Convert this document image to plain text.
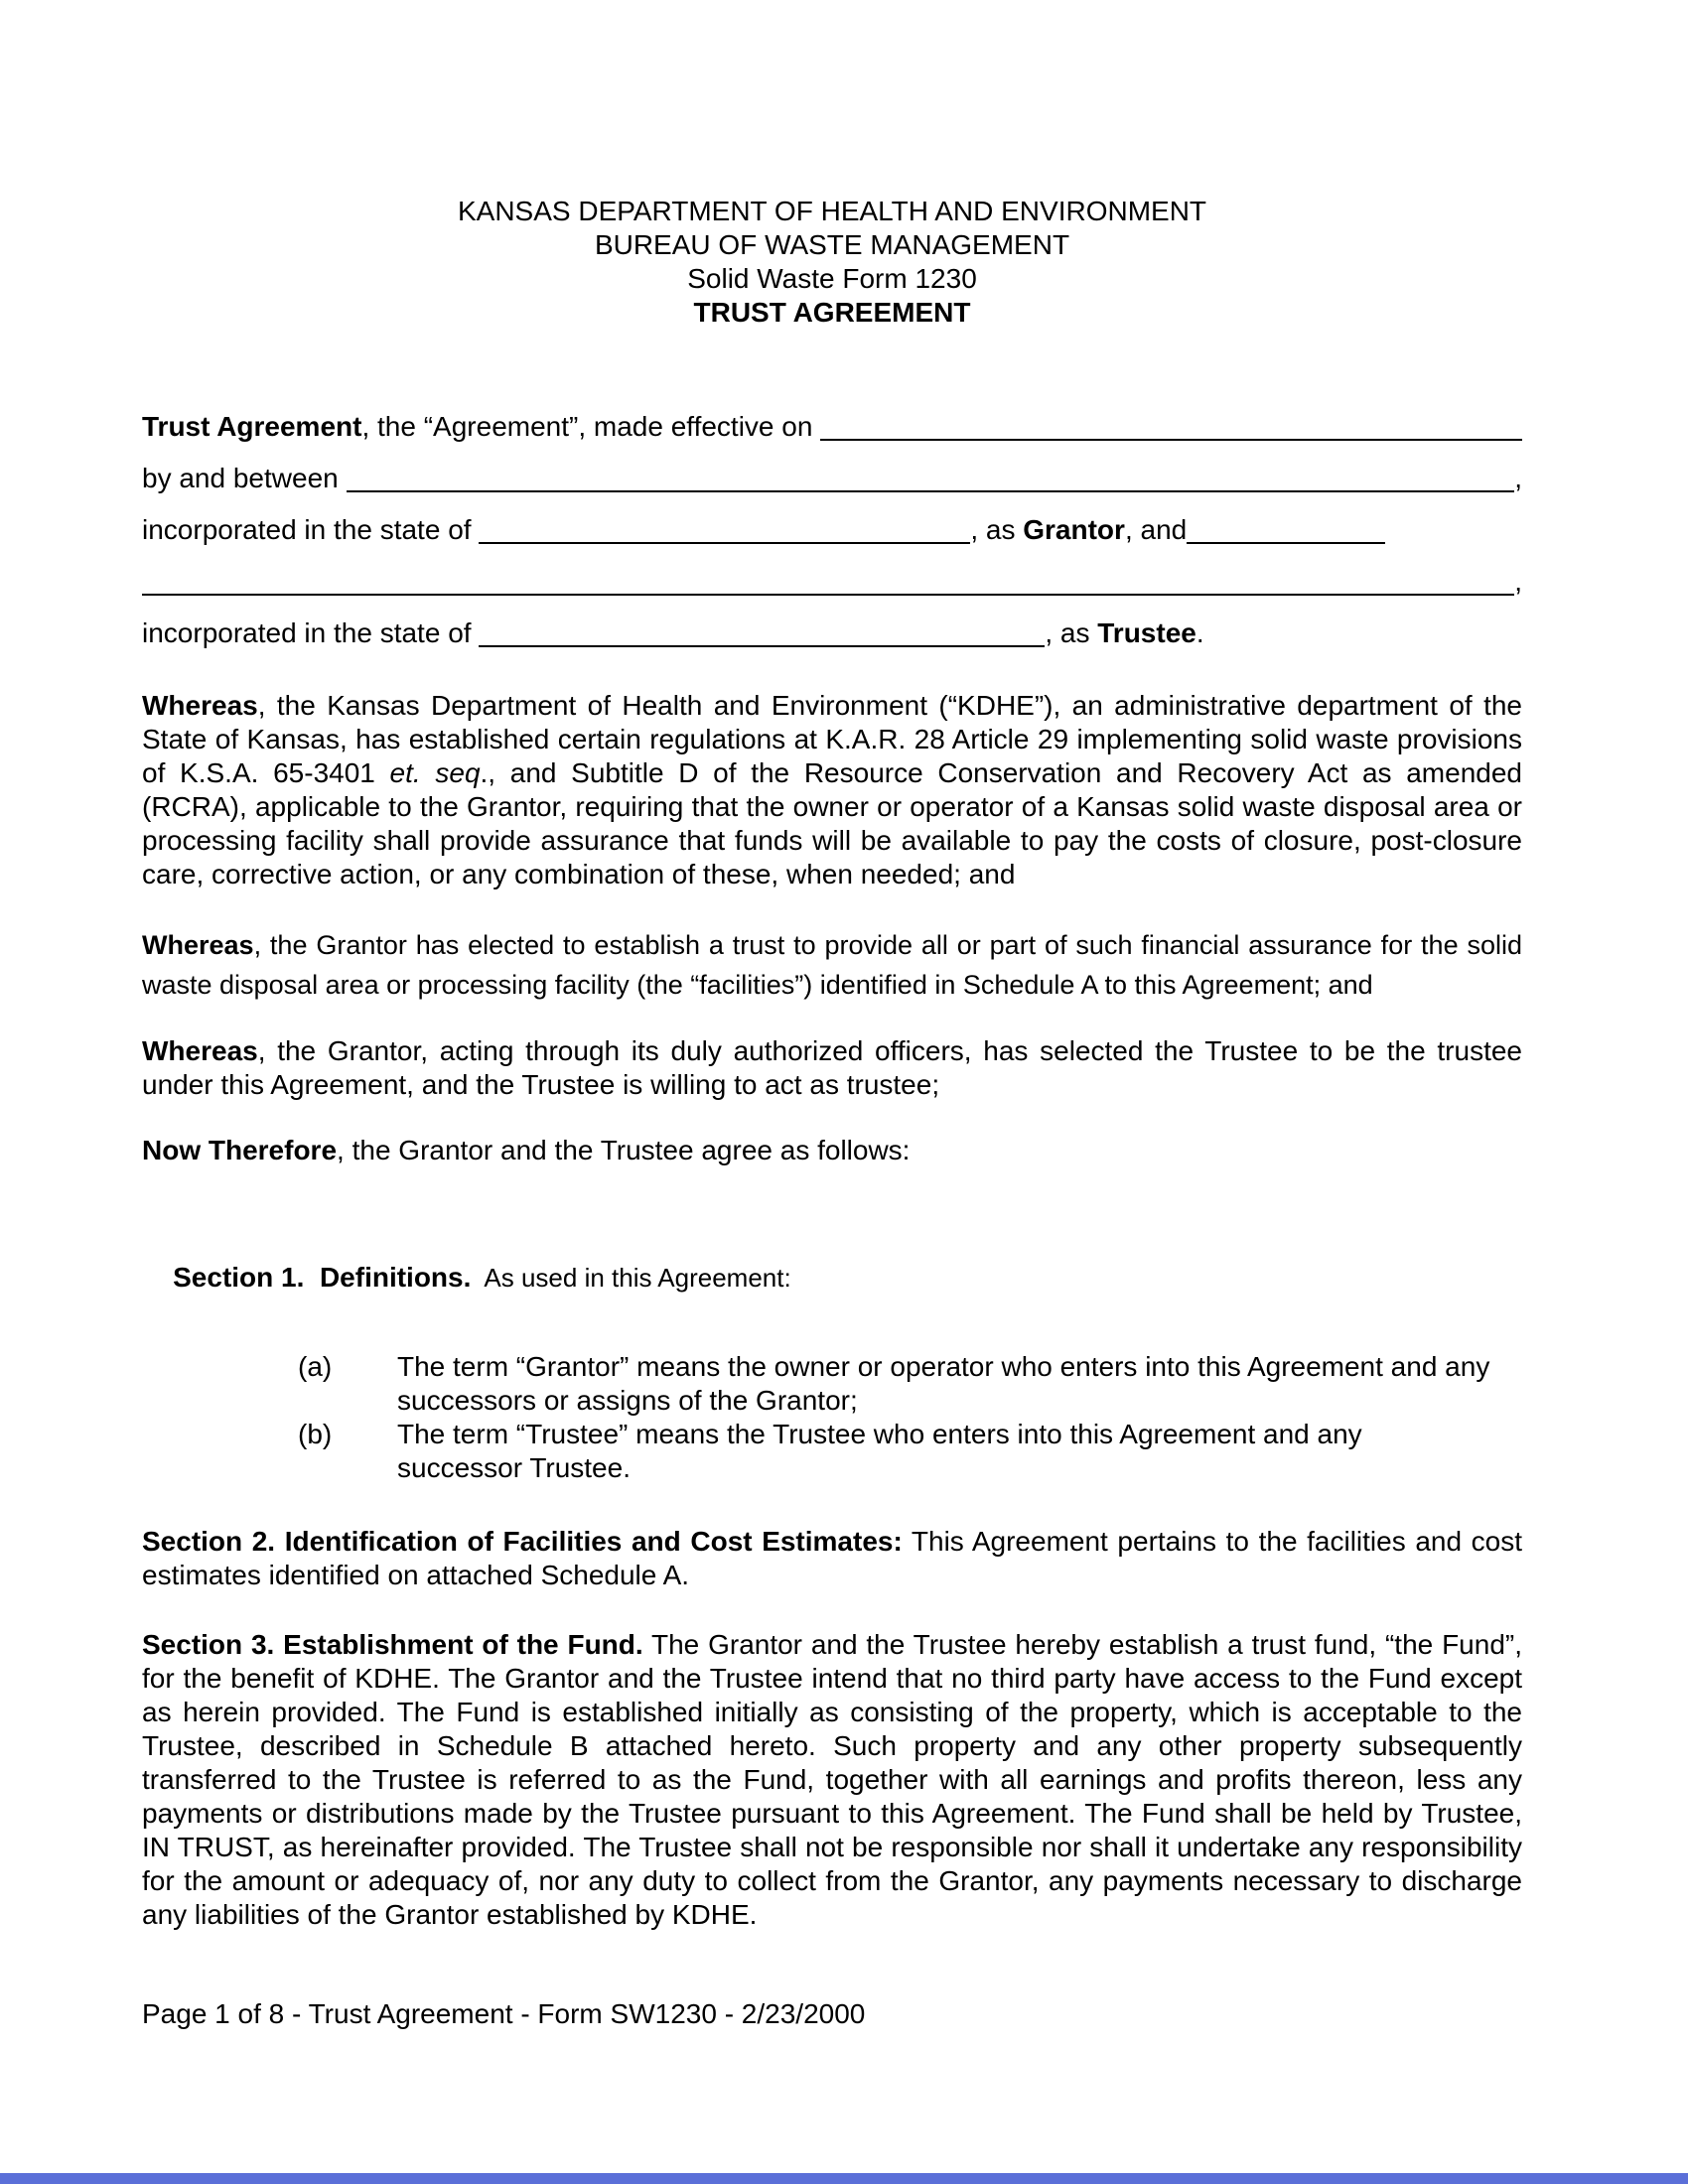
KANSAS DEPARTMENT OF HEALTH AND ENVIRONMENT
BUREAU OF WASTE MANAGEMENT
Solid Waste Form 1230
TRUST AGREEMENT
Trust Agreement , the “Agreement”, made effective on
by and between	,
incorporated in the state of	, as Grantor , and
,
incorporated in the state of	, as Trustee .

Whereas, the Kansas Department of Health and Environment (“KDHE”), an administrative department of the State of Kansas, has established certain regulations at K.A.R. 28 Article 29 implementing solid waste provisions of K.S.A. 65-3401 et. seq., and Subtitle D of the Resource Conservation and Recovery Act as amended (RCRA), applicable to the Grantor, requiring that the owner or operator of a Kansas solid waste disposal area or processing facility shall provide assurance that funds will be available to pay the costs of closure, post-closure care, corrective action, or any combination of these, when needed; and

Whereas, the Grantor has elected to establish a trust to provide all or part of such financial assurance for the solid waste disposal area or processing facility (the “facilities”) identified in Schedule A to this Agreement; and

Whereas, the Grantor, acting through its duly authorized officers, has selected the Trustee to be the trustee under this Agreement, and the Trustee is willing to act as trustee;

Now Therefore, the Grantor and the Trustee agree as follows:

Section 1.  Definitions.  As used in this Agreement:

(a)	The term “Grantor” means the owner or operator who enters into this Agreement and any
successors or assigns of the Grantor;
(b)	The term “Trustee” means the Trustee who enters into this Agreement and any
successor Trustee.

Section 2. Identification of Facilities and Cost Estimates: This Agreement pertains to the facilities and cost estimates identified on attached Schedule A.

Section 3. Establishment of the Fund. The Grantor and the Trustee hereby establish a trust fund, “the Fund”, for the benefit of KDHE. The Grantor and the Trustee intend that no third party have access to the Fund except as herein provided. The Fund is established initially as consisting of the property, which is acceptable to the Trustee, described in Schedule B attached hereto. Such property and any other property subsequently transferred to the Trustee is referred to as the Fund, together with all earnings and profits thereon, less any payments or distributions made by the Trustee pursuant to this Agreement. The Fund shall be held by Trustee, IN TRUST, as hereinafter provided. The Trustee shall not be responsible nor shall it undertake any responsibility for the amount or adequacy of, nor any duty to collect from the Grantor, any payments necessary to discharge any liabilities of the Grantor established by KDHE.

Page 1 of 8 - Trust Agreement - Form SW1230 - 2/23/2000
